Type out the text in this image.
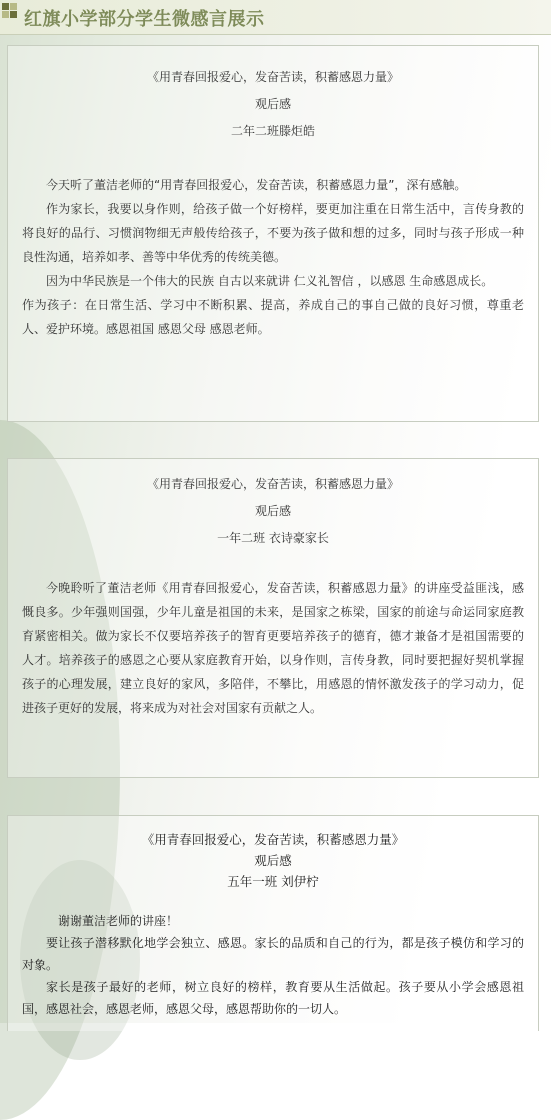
红旗小学部分学生微感言展示
《用青春回报爱心，发奋苦读，积蓄感恩力量》
观后感
二年二班滕炬皓

今天听了董洁老师的“用青春回报爱心，发奋苦读，积蓄感恩力量”，深有感触。

作为家长，我要以身作则，给孩子做一个好榜样，要更加注重在日常生活中，言传身教的将良好的品行、习惯润物细无声般传给孩子，不要为孩子做和想的过多，同时与孩子形成一种良性沟通，培养如孝、善等中华优秀的传统美德。

因为中华民族是一个伟大的民族 自古以来就讲 仁义礼智信 ，以感恩 生命感恩成长。

作为孩子：在日常生活、学习中不断积累、提高，养成自己的事自己做的良好习惯，尊重老人、爱护环境。感恩祖国 感恩父母 感恩老师。

《用青春回报爱心，发奋苦读，积蓄感恩力量》
观后感
一年二班 衣诗豪家长

今晚聆听了董洁老师《用青春回报爱心，发奋苦读，积蓄感恩力量》的讲座受益匪浅，感慨良多。少年强则国强，少年儿童是祖国的未来，是国家之栋梁，国家的前途与命运同家庭教育紧密相关。做为家长不仅要培养孩子的智育更要培养孩子的德育，德才兼备才是祖国需要的人才。培养孩子的感恩之心要从家庭教育开始，以身作则，言传身教，同时要把握好契机掌握孩子的心理发展，建立良好的家风，多陪伴，不攀比，用感恩的情怀激发孩子的学习动力，促进孩子更好的发展，将来成为对社会对国家有贡献之人。

《用青春回报爱心，发奋苦读，积蓄感恩力量》
观后感
五年一班 刘伊柠

谢谢董洁老师的讲座！

要让孩子潜移默化地学会独立、感恩。家长的品质和自己的行为，都是孩子模仿和学习的对象。

家长是孩子最好的老师，树立良好的榜样，教育要从生活做起。孩子要从小学会感恩祖国，感恩社会，感恩老师，感恩父母，感恩帮助你的一切人。
